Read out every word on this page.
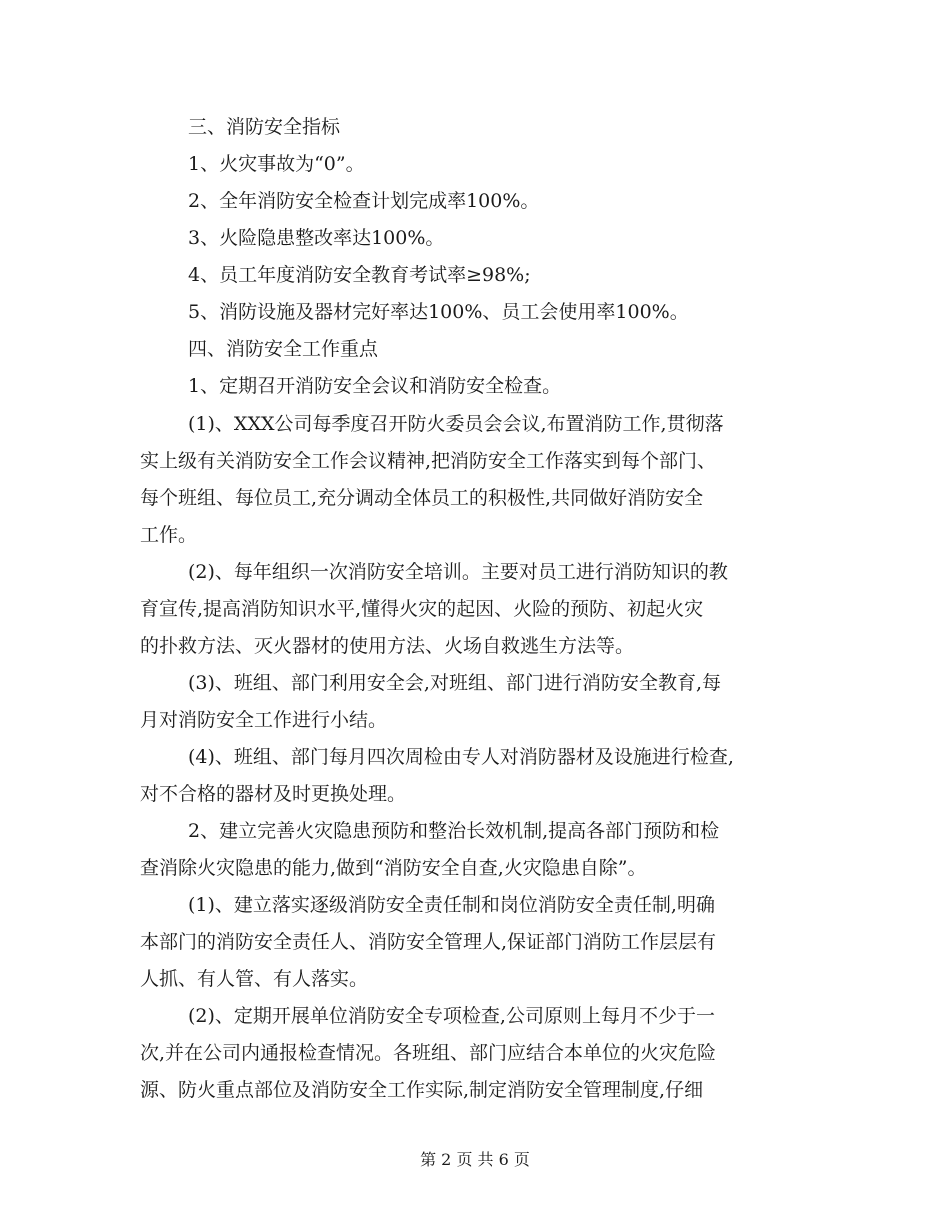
三、消防安全指标
1、火灾事故为“0”。
2、全年消防安全检查计划完成率100%。
3、火险隐患整改率达100%。
4、员工年度消防安全教育考试率≥98%;
5、消防设施及器材完好率达100%、员工会使用率100%。
四、消防安全工作重点
1、定期召开消防安全会议和消防安全检查。
(1)、XXX公司每季度召开防火委员会会议,布置消防工作,贯彻落
实上级有关消防安全工作会议精神,把消防安全工作落实到每个部门、
每个班组、每位员工,充分调动全体员工的积极性,共同做好消防安全
工作。
(2)、每年组织一次消防安全培训。主要对员工进行消防知识的教
育宣传,提高消防知识水平,懂得火灾的起因、火险的预防、初起火灾
的扑救方法、灭火器材的使用方法、火场自救逃生方法等。
(3)、班组、部门利用安全会,对班组、部门进行消防安全教育,每
月对消防安全工作进行小结。
(4)、班组、部门每月四次周检由专人对消防器材及设施进行检查,
对不合格的器材及时更换处理。
2、建立完善火灾隐患预防和整治长效机制,提高各部门预防和检
查消除火灾隐患的能力,做到“消防安全自查,火灾隐患自除”。
(1)、建立落实逐级消防安全责任制和岗位消防安全责任制,明确
本部门的消防安全责任人、消防安全管理人,保证部门消防工作层层有
人抓、有人管、有人落实。
(2)、定期开展单位消防安全专项检查,公司原则上每月不少于一
次,并在公司内通报检查情况。各班组、部门应结合本单位的火灾危险
源、防火重点部位及消防安全工作实际,制定消防安全管理制度,仔细
第 2 页 共 6 页
